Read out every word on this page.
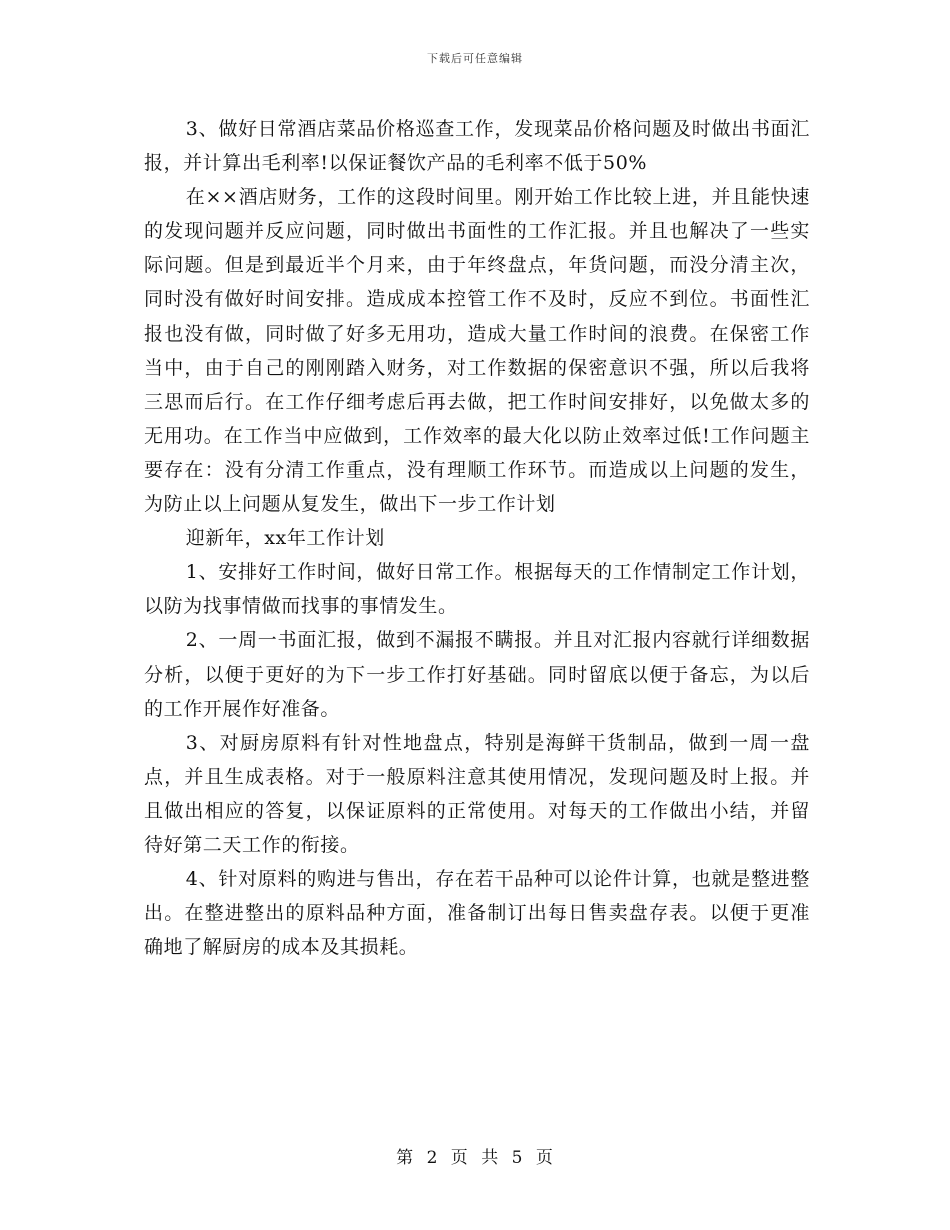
下载后可任意编辑

3、做好日常酒店菜品价格巡查工作，发现菜品价格问题及时做出书面汇报，并计算出毛利率!以保证餐饮产品的毛利率不低于50%

在××酒店财务，工作的这段时间里。刚开始工作比较上进，并且能快速的发现问题并反应问题，同时做出书面性的工作汇报。并且也解决了一些实际问题。但是到最近半个月来，由于年终盘点，年货问题，而没分清主次，同时没有做好时间安排。造成成本控管工作不及时，反应不到位。书面性汇报也没有做，同时做了好多无用功，造成大量工作时间的浪费。在保密工作当中，由于自己的刚刚踏入财务，对工作数据的保密意识不强，所以后我将三思而后行。在工作仔细考虑后再去做，把工作时间安排好，以免做太多的无用功。在工作当中应做到，工作效率的最大化以防止效率过低!工作问题主要存在：没有分清工作重点，没有理顺工作环节。而造成以上问题的发生，为防止以上问题从复发生，做出下一步工作计划

迎新年，xx年工作计划

1、安排好工作时间，做好日常工作。根据每天的工作情制定工作计划，以防为找事情做而找事的事情发生。

2、一周一书面汇报，做到不漏报不瞒报。并且对汇报内容就行详细数据分析，以便于更好的为下一步工作打好基础。同时留底以便于备忘，为以后的工作开展作好准备。

3、对厨房原料有针对性地盘点，特别是海鲜干货制品，做到一周一盘点，并且生成表格。对于一般原料注意其使用情况，发现问题及时上报。并且做出相应的答复，以保证原料的正常使用。对每天的工作做出小结，并留待好第二天工作的衔接。

4、针对原料的购进与售出，存在若干品种可以论件计算，也就是整进整出。在整进整出的原料品种方面，准备制订出每日售卖盘存表。以便于更准确地了解厨房的成本及其损耗。

第 2 页 共 5 页
